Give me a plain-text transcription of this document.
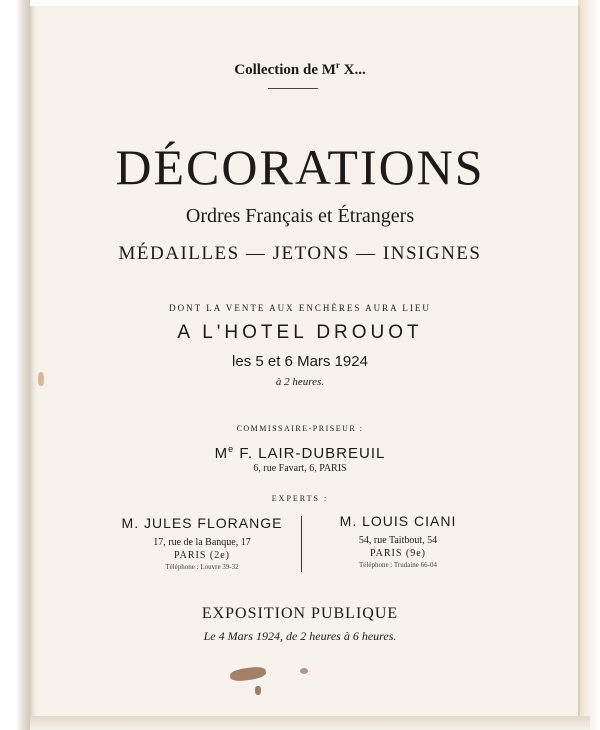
Collection de $M^r$ X...
DÉCORATIONS
Ordres Français et Étrangers
MÉDAILLES — JETONS — INSIGNES
DONT LA VENTE AUX ENCHÈRES AURA LIEU
A L'HOTEL DROUOT
les 5 et 6 Mars 1924
à 2 heures.
COMMISSAIRE-PRISEUR :
Me F. LAIR-DUBREUIL
6, rue Favart, 6, PARIS
EXPERTS :
M. JULES FLORANGE
17, rue de la Banque, 17
PARIS (2e)
Téléphone : Louvre 39-32
M. LOUIS CIANI
54, rue Taitbout, 54
PARIS (9e)
Téléphone : Trudaine 66-04
EXPOSITION PUBLIQUE
Le 4 Mars 1924, de 2 heures à 6 heures.
